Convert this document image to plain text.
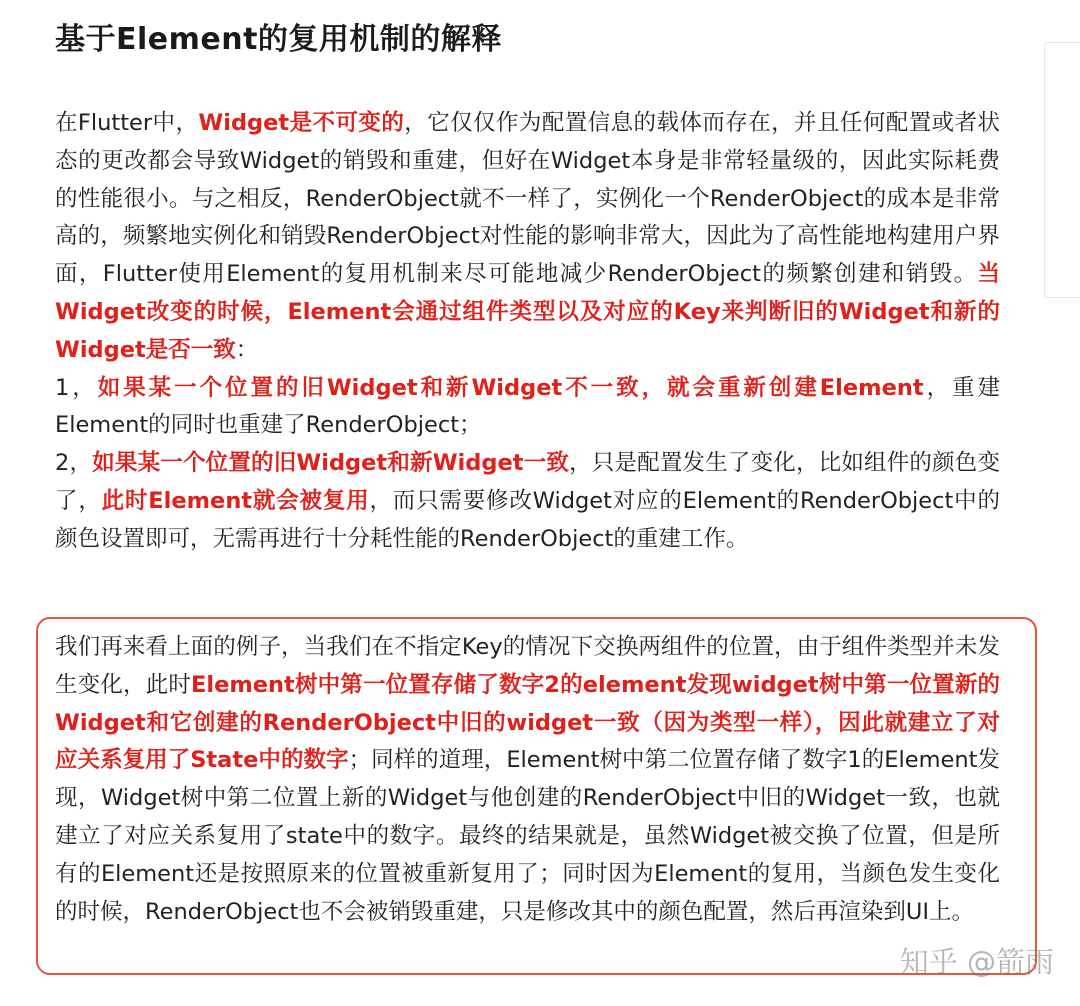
基于Element的复用机制的解释

在Flutter中，Widget是不可变的，它仅仅作为配置信息的载体而存在，并且任何配置或者状态的更改都会导致Widget的销毁和重建，但好在Widget本身是非常轻量级的，因此实际耗费的性能很小。与之相反，RenderObject就不一样了，实例化一个RenderObject的成本是非常高的，频繁地实例化和销毁RenderObject对性能的影响非常大，因此为了高性能地构建用户界面，Flutter使用Element的复用机制来尽可能地减少RenderObject的频繁创建和销毁。当Widget改变的时候，Element会通过组件类型以及对应的Key来判断旧的Widget和新的Widget是否一致：

1，如果某一个位置的旧Widget和新Widget不一致，就会重新创建Element，重建Element的同时也重建了RenderObject；

2，如果某一个位置的旧Widget和新Widget一致，只是配置发生了变化，比如组件的颜色变了，此时Element就会被复用，而只需要修改Widget对应的Element的RenderObject中的颜色设置即可，无需再进行十分耗性能的RenderObject的重建工作。

我们再来看上面的例子，当我们在不指定Key的情况下交换两组件的位置，由于组件类型并未发生变化，此时Element树中第一位置存储了数字2的element发现widget树中第一位置新的Widget和它创建的RenderObject中旧的widget一致（因为类型一样），因此就建立了对应关系复用了State中的数字；同样的道理，Element树中第二位置存储了数字1的Element发现，Widget树中第二位置上新的Widget与他创建的RenderObject中旧的Widget一致，也就建立了对应关系复用了state中的数字。最终的结果就是，虽然Widget被交换了位置，但是所有的Element还是按照原来的位置被重新复用了；同时因为Element的复用，当颜色发生变化的时候，RenderObject也不会被销毁重建，只是修改其中的颜色配置，然后再渲染到UI上。

知乎 @箭雨
